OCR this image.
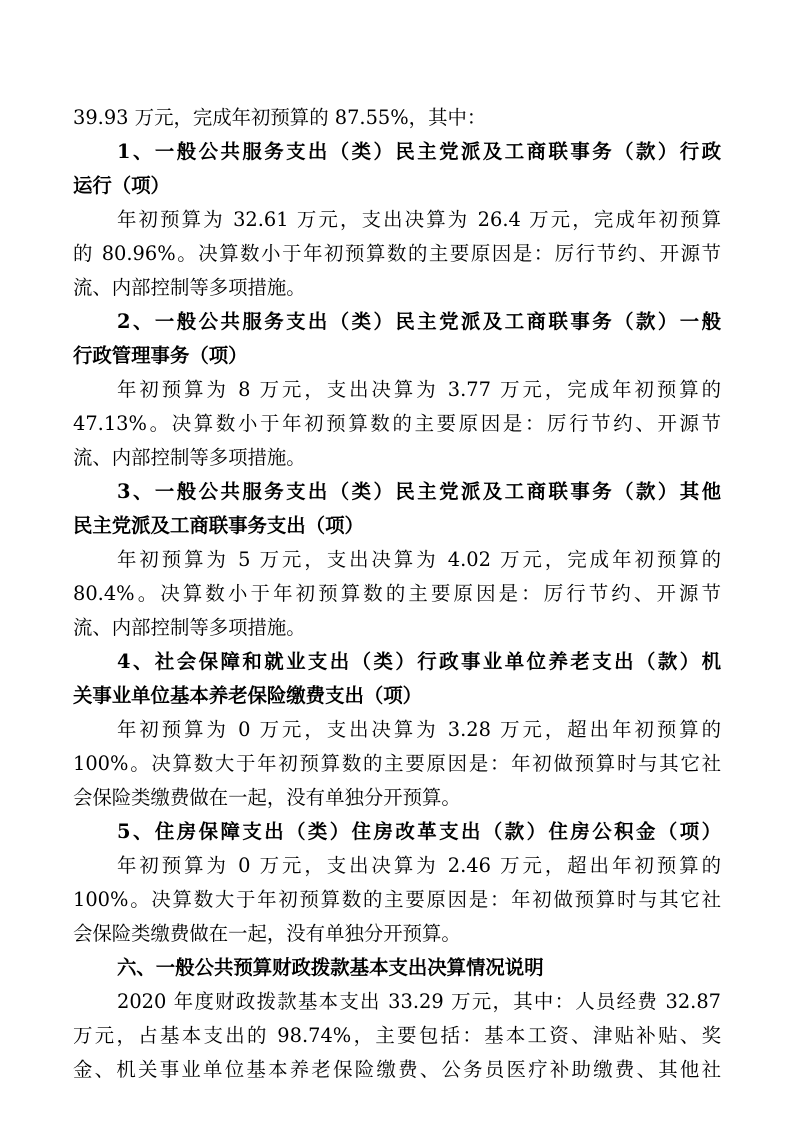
39.93 万元，完成年初预算的 87.55%，其中：
1、一般公共服务支出（类）民主党派及工商联事务（款）行政
运行（项）
年初预算为 32.61 万元，支出决算为 26.4 万元，完成年初预算
的 80.96%。决算数小于年初预算数的主要原因是：厉行节约、开源节
流、内部控制等多项措施。
2、一般公共服务支出（类）民主党派及工商联事务（款）一般
行政管理事务（项）
年初预算为 8 万元，支出决算为 3.77 万元，完成年初预算的
47.13%。决算数小于年初预算数的主要原因是：厉行节约、开源节
流、内部控制等多项措施。
3、一般公共服务支出（类）民主党派及工商联事务（款）其他
民主党派及工商联事务支出（项）
年初预算为 5 万元，支出决算为 4.02 万元，完成年初预算的
80.4%。决算数小于年初预算数的主要原因是：厉行节约、开源节
流、内部控制等多项措施。
4、社会保障和就业支出（类）行政事业单位养老支出（款）机
关事业单位基本养老保险缴费支出（项）
年初预算为 0 万元，支出决算为 3.28 万元，超出年初预算的
100%。决算数大于年初预算数的主要原因是：年初做预算时与其它社
会保险类缴费做在一起，没有单独分开预算。
5、住房保障支出（类）住房改革支出（款）住房公积金（项）
年初预算为 0 万元，支出决算为 2.46 万元，超出年初预算的
100%。决算数大于年初预算数的主要原因是：年初做预算时与其它社
会保险类缴费做在一起，没有单独分开预算。
六、一般公共预算财政拨款基本支出决算情况说明
2020 年度财政拨款基本支出 33.29 万元，其中：人员经费 32.87
万元，占基本支出的 98.74%，主要包括：基本工资、津贴补贴、奖
金、机关事业单位基本养老保险缴费、公务员医疗补助缴费、其他社
